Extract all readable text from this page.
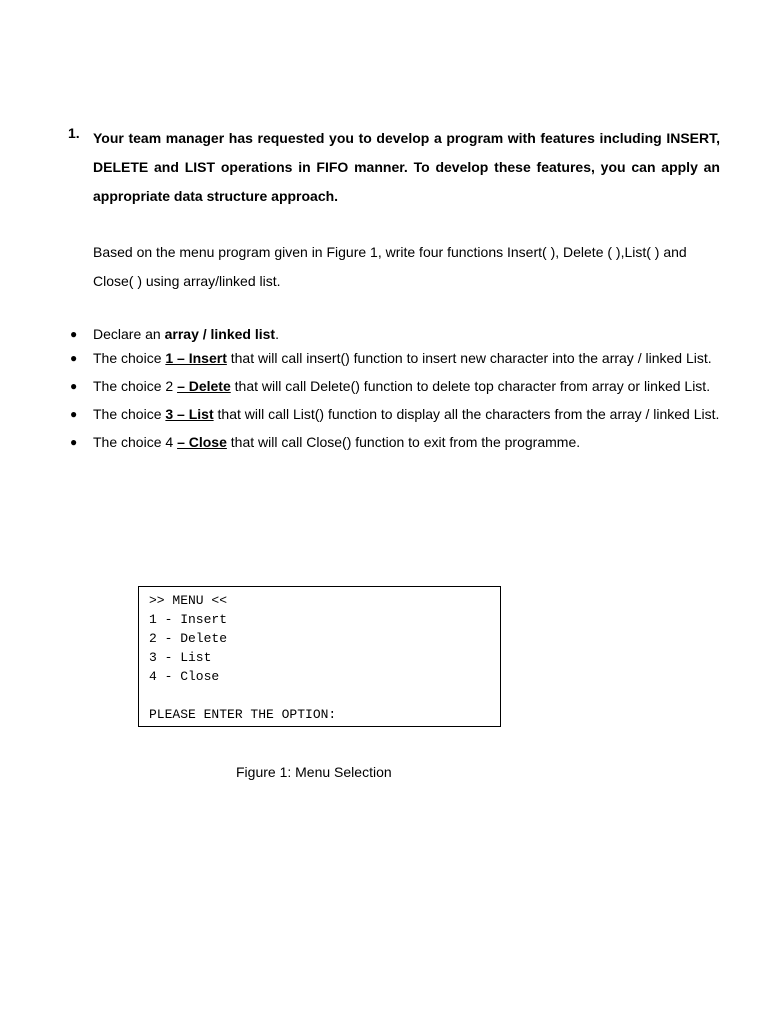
1. Your team manager has requested you to develop a program with features including INSERT, DELETE and LIST operations in FIFO manner. To develop these features, you can apply an appropriate data structure approach.
Based on the menu program given in Figure 1, write four functions Insert( ), Delete ( ),List( ) and Close( ) using array/linked list.
● Declare an array / linked list.
● The choice 1 – Insert that will call insert() function to insert new character into the array / linked List.
● The choice 2 – Delete that will call Delete() function to delete top character from array or linked List.
● The choice 3 – List that will call List() function to display all the characters from the array / linked List.
● The choice 4 – Close that will call Close() function to exit from the programme.
>> MENU <<
1 - Insert
2 - Delete
3 - List
4 - Close
PLEASE ENTER THE OPTION:
Figure 1: Menu Selection
